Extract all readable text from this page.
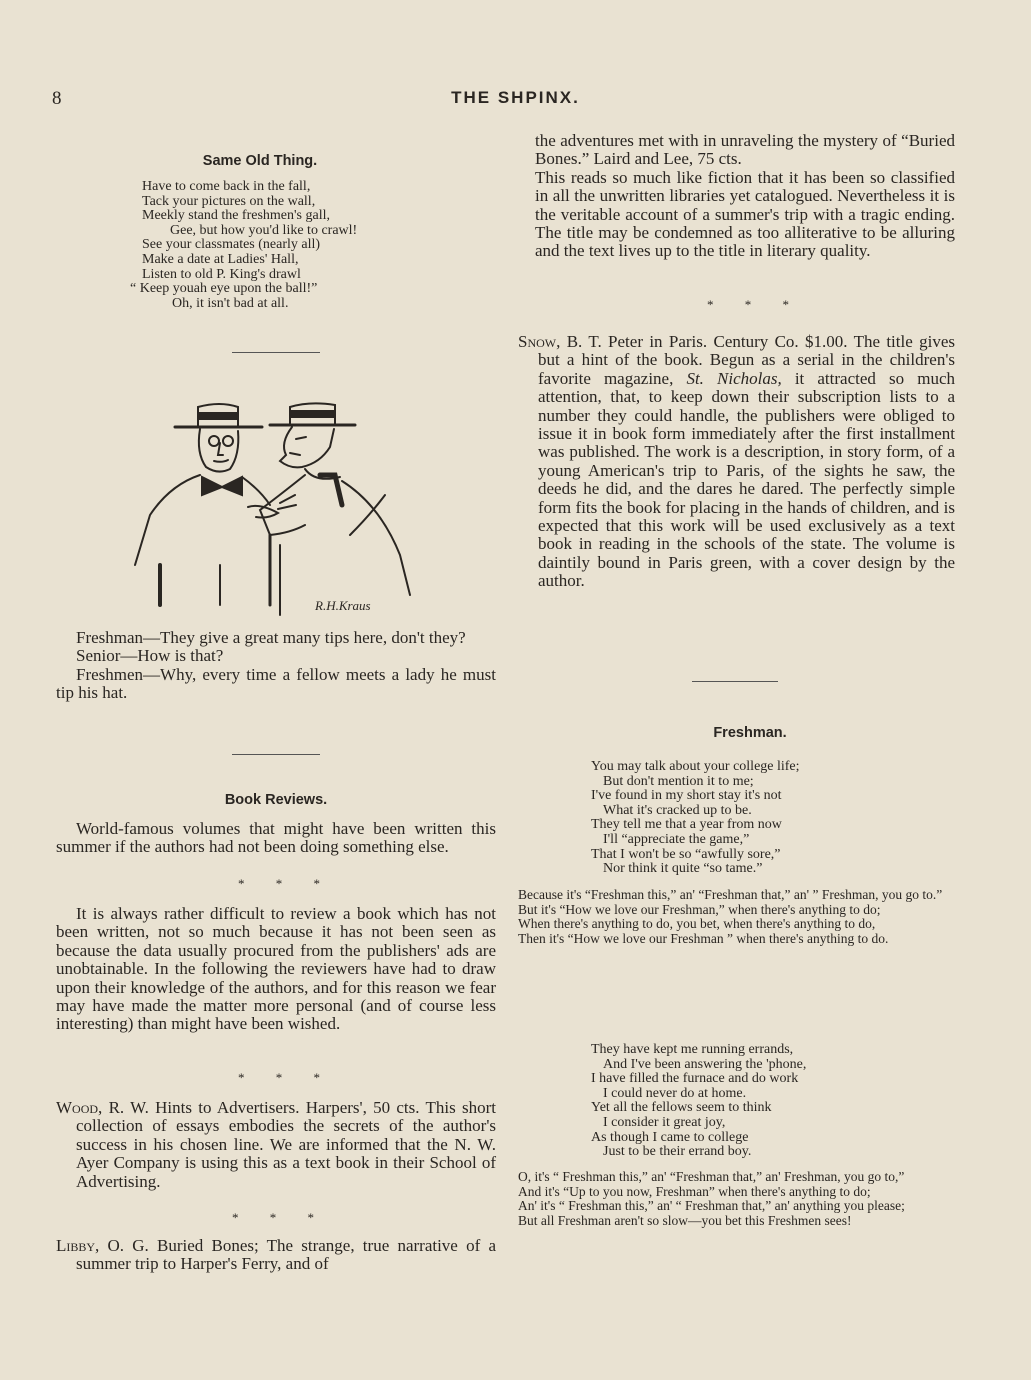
8	THE SHPINX.
Same Old Thing.
Have to come back in the fall,
Tack your pictures on the wall,
Meekly stand the freshmen's gall,
Gee, but how you'd like to crawl!
See your classmates (nearly all)
Make a date at Ladies' Hall,
Listen to old P. King's drawl
“ Keep youah eye upon the ball!”
Oh, it isn't bad at all.
R.H.Kraus

Freshman—They give a great many tips here, don't they?

Senior—How is that?

Freshmen—Why, every time a fellow meets a lady he must tip his hat.

Book Reviews.

World-famous volumes that might have been written this summer if the authors had not been doing something else.

* * *

It is always rather difficult to review a book which has not been written, not so much because it has not been seen as because the data usually procured from the publishers' ads are unobtainable. In the following the reviewers have had to draw upon their knowledge of the authors, and for this reason we fear may have made the matter more personal (and of course less interesting) than might have been wished.

* * *

Wood, R. W. Hints to Advertisers. Harpers', 50 cts. This short collection of essays embodies the secrets of the author's success in his chosen line. We are informed that the N. W. Ayer Company is using this as a text book in their School of Advertising.

* * *

Libby, O. G. Buried Bones; The strange, true narrative of a summer trip to Harper's Ferry, and of

the adventures met with in unraveling the mystery of “Buried Bones.” Laird and Lee, 75 cts.

This reads so much like fiction that it has been so classified in all the unwritten libraries yet catalogued. Nevertheless it is the veritable account of a summer's trip with a tragic ending. The title may be condemned as too alliterative to be alluring and the text lives up to the title in literary quality.

* * *

Snow, B. T. Peter in Paris. Century Co. $1.00. The title gives but a hint of the book. Begun as a serial in the children's favorite magazine, St. Nicholas, it attracted so much attention, that, to keep down their subscription lists to a number they could handle, the publishers were obliged to issue it in book form immediately after the first installment was published. The work is a description, in story form, of a young American's trip to Paris, of the sights he saw, the deeds he did, and the dares he dared. The perfectly simple form fits the book for placing in the hands of children, and is expected that this work will be used exclusively as a text book in reading in the schools of the state. The volume is daintily bound in Paris green, with a cover design by the author.

Freshman.
You may talk about your college life;
But don't mention it to me;
I've found in my short stay it's not
What it's cracked up to be.
They tell me that a year from now
I'll “appreciate the game,”
That I won't be so “awfully sore,”
Nor think it quite “so tame.”
Because it's “Freshman this,” an' “Freshman that,” an' ” Freshman, you go to.”
But it's “How we love our Freshman,” when there's anything to do;
When there's anything to do, you bet, when there's anything to do,
Then it's “How we love our Freshman ” when there's anything to do.
They have kept me running errands,
And I've been answering the 'phone,
I have filled the furnace and do work
I could never do at home.
Yet all the fellows seem to think
I consider it great joy,
As though I came to college
Just to be their errand boy.
O, it's “ Freshman this,” an' “Freshman that,” an' Freshman, you go to,”
And it's “Up to you now, Freshman” when there's anything to do;
An' it's “ Freshman this,” an' “ Freshman that,” an' anything you please;
But all Freshman aren't so slow—you bet this Freshmen sees!
